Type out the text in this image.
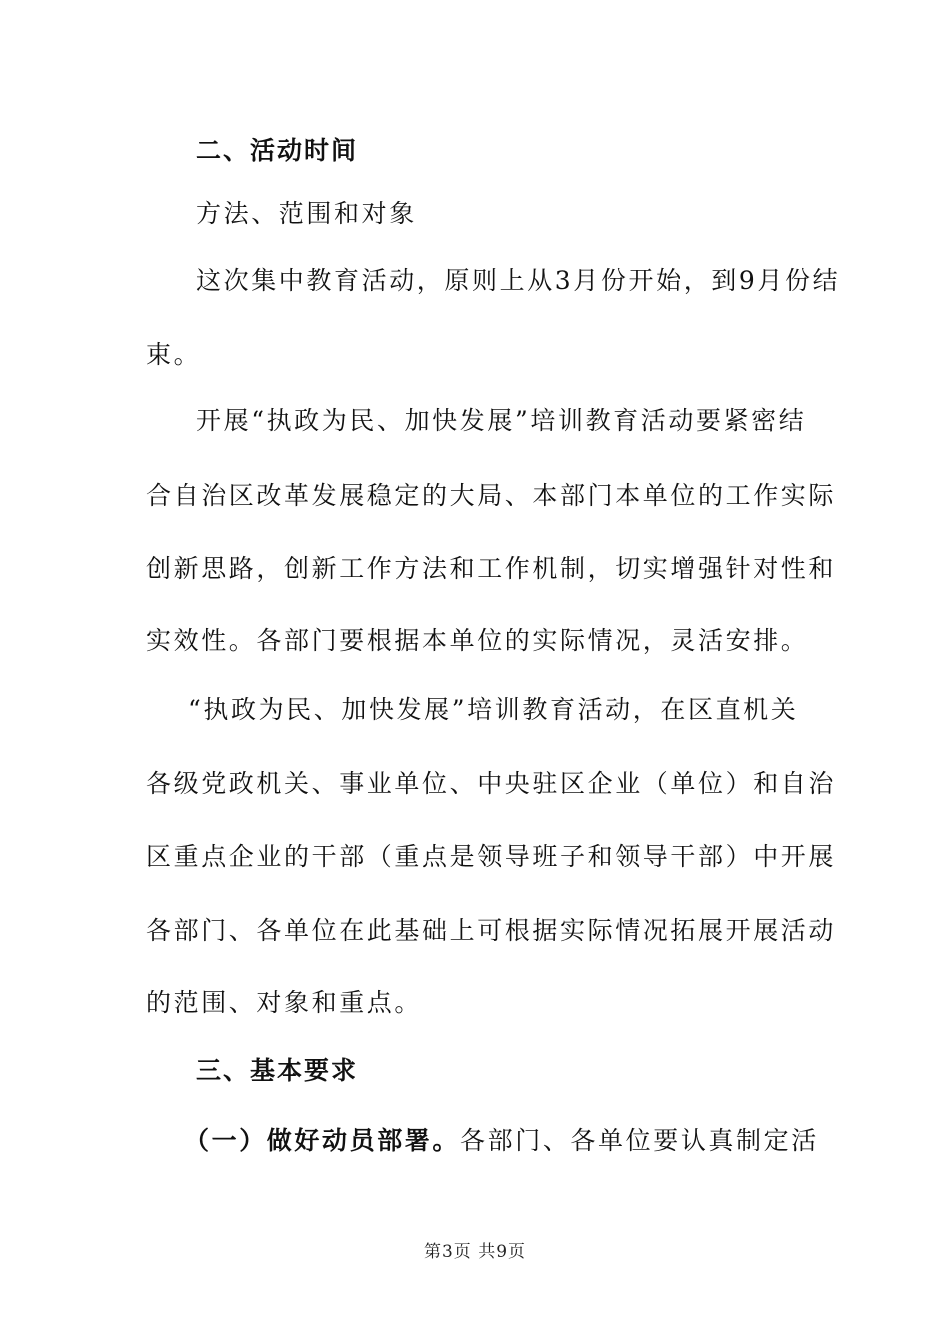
二、活动时间
方法、范围和对象
这次集中教育活动，原则上从3月份开始，到9月份结
束。
开展“执政为民、加快发展”培训教育活动要紧密结
合自治区改革发展稳定的大局、本部门本单位的工作实际
创新思路，创新工作方法和工作机制，切实增强针对性和
实效性。各部门要根据本单位的实际情况，灵活安排。
“执政为民、加快发展”培训教育活动，在区直机关
各级党政机关、事业单位、中央驻区企业（单位）和自治
区重点企业的干部（重点是领导班子和领导干部）中开展
各部门、各单位在此基础上可根据实际情况拓展开展活动
的范围、对象和重点。
三、基本要求
（一）做好动员部署。各部门、各单位要认真制定活
第3页 共9页
